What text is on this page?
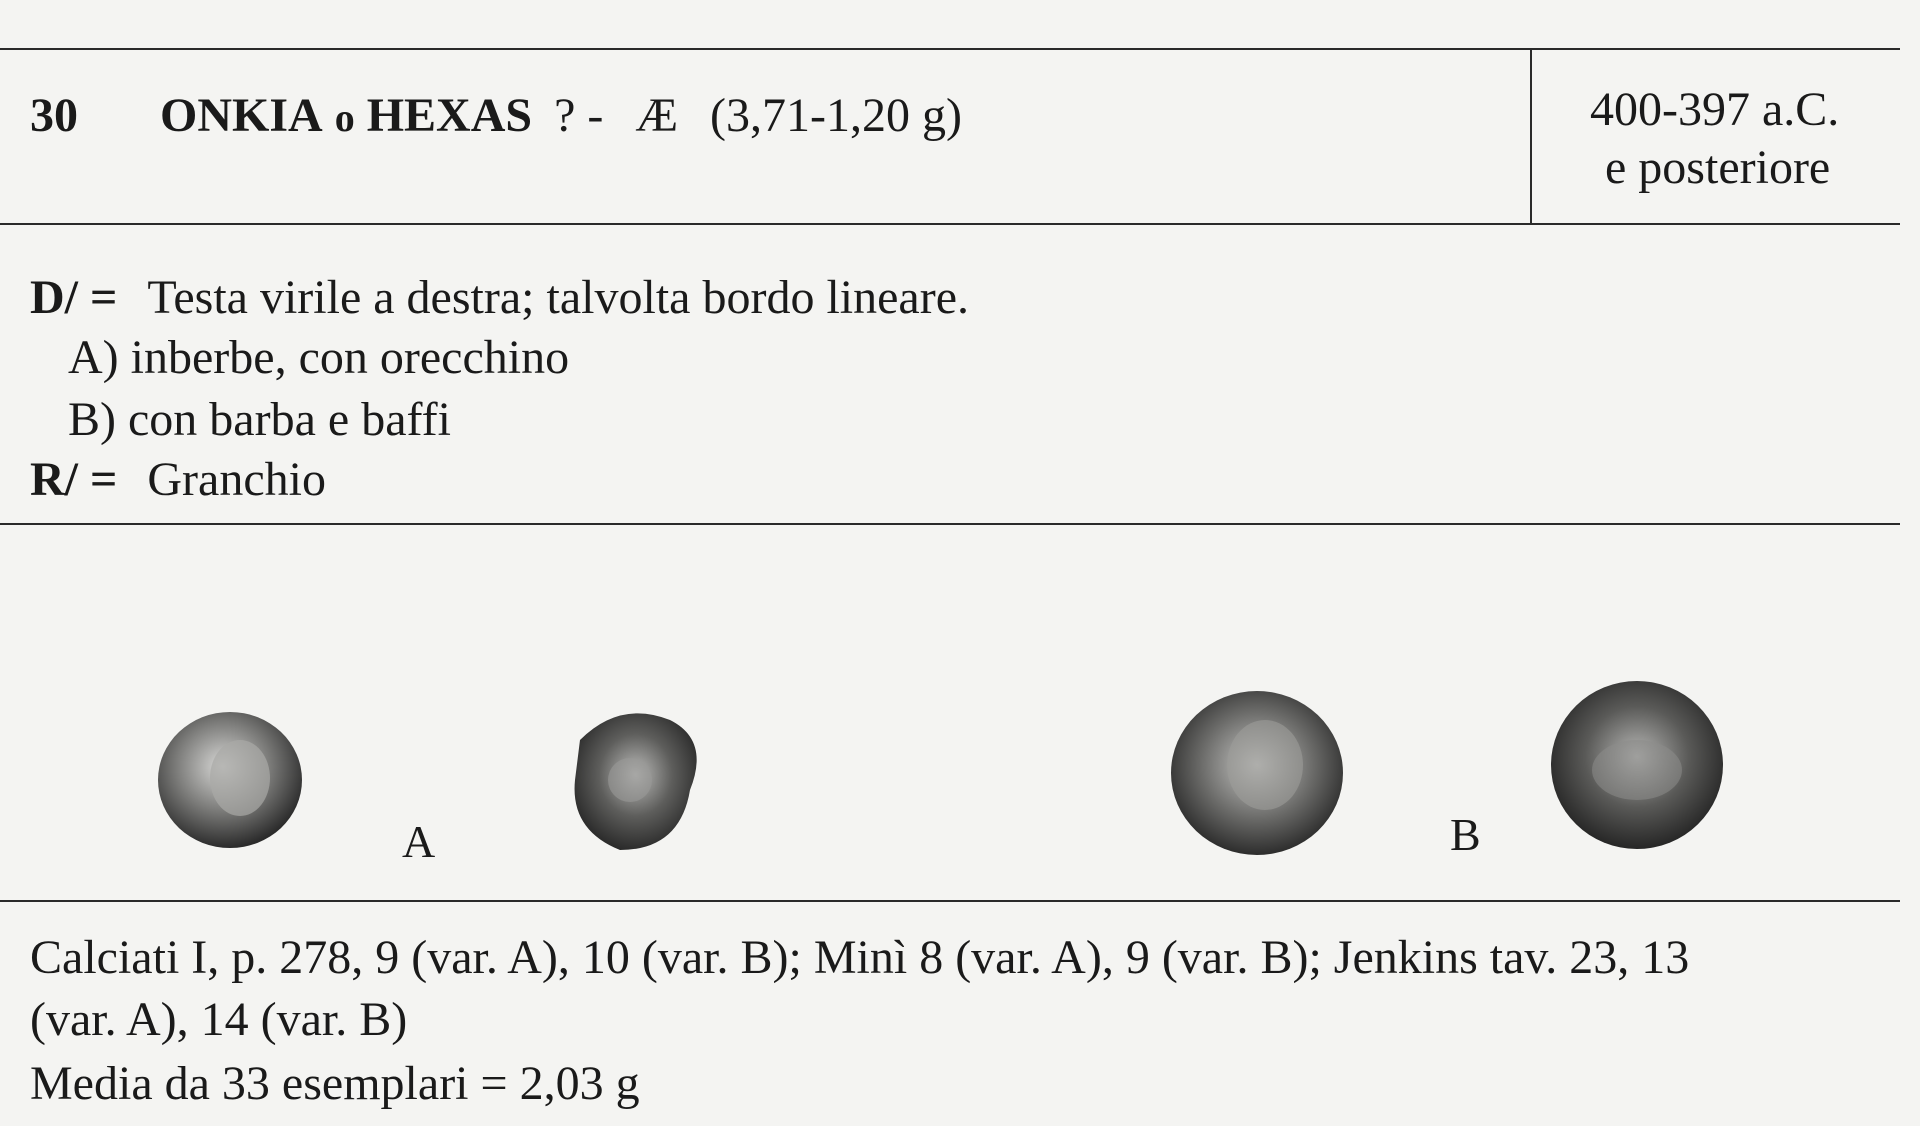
30 ONKIA o HEXAS ? - Æ (3,71-1,20 g)	400-397 a.C.
e posteriore
D/ = Testa virile a destra; talvolta bordo lineare.
A) inberbe, con orecchino
B) con barba e baffi
R/ = Granchio
A	B
Calciati I, p. 278, 9 (var. A), 10 (var. B); Minì 8 (var. A), 9 (var. B); Jenkins tav. 23, 13
(var. A), 14 (var. B)
Media da 33 esemplari = 2,03 g
